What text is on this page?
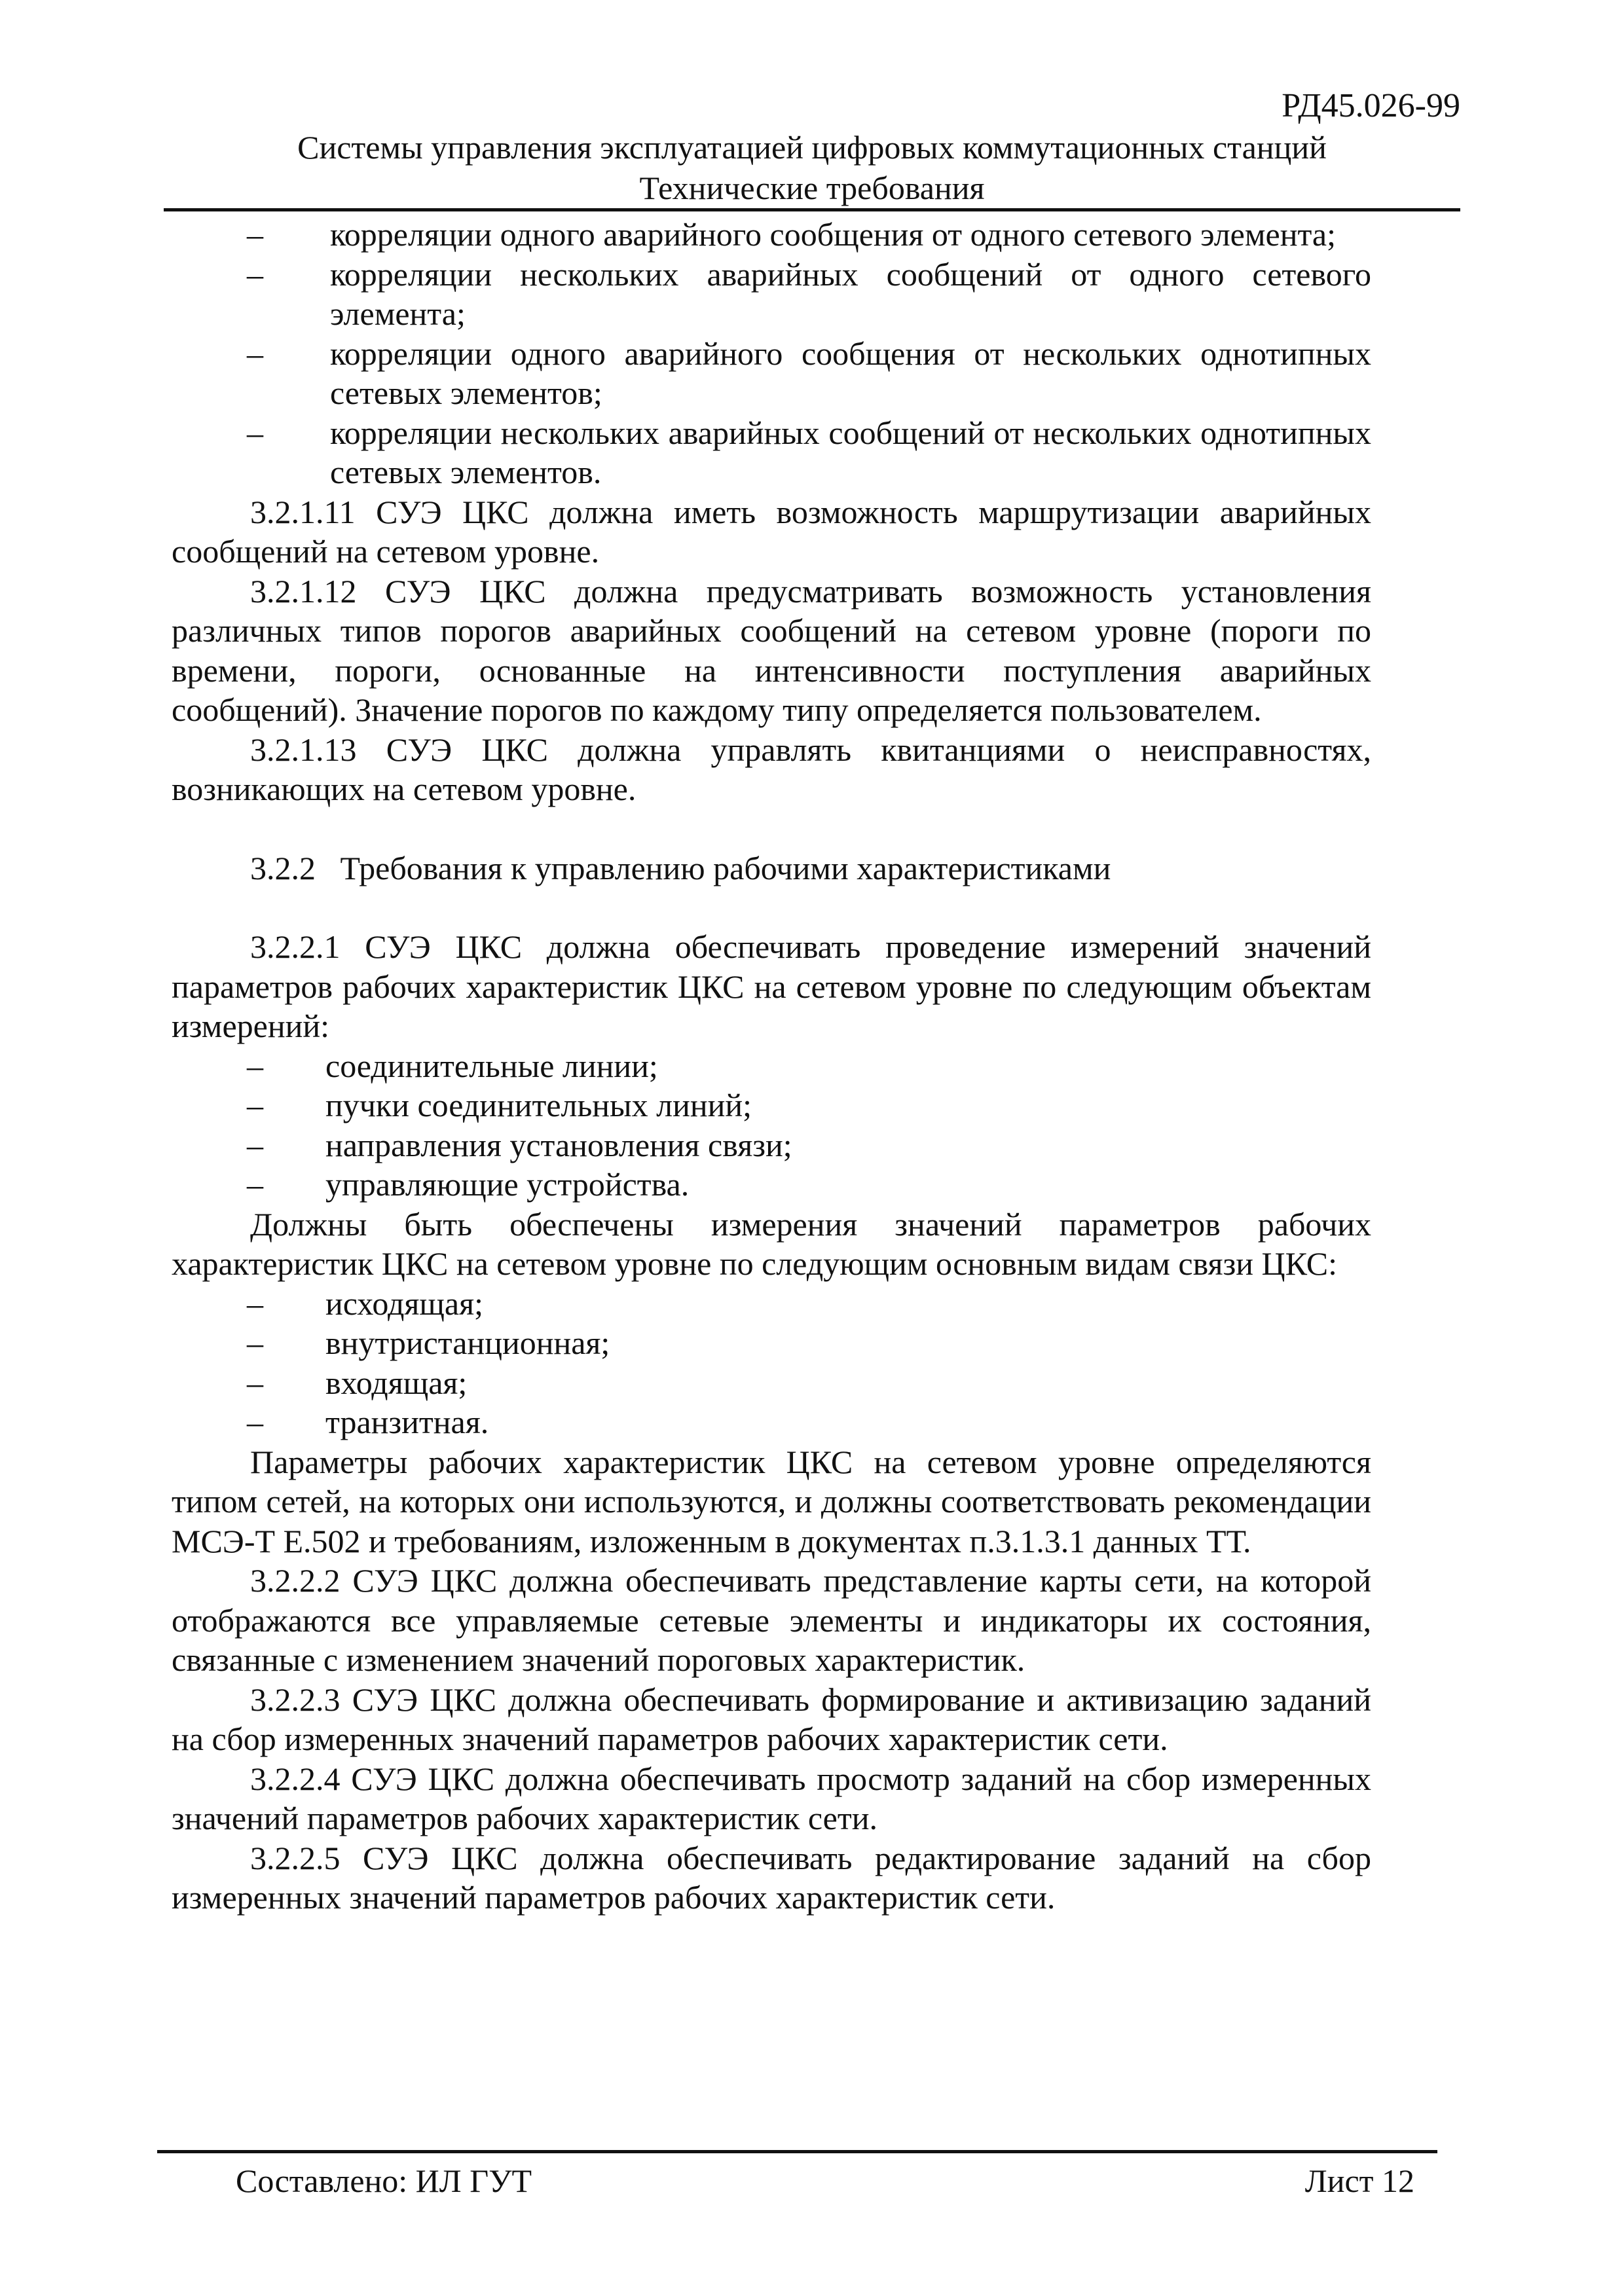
РД45.026-99
Системы управления эксплуатацией цифровых коммутационных станций
Технические требования

– корреляции одного аварийного сообщения от одного сетевого элемента;

– корреляции нескольких аварийных сообщений от одного сетевого элемента;

– корреляции одного аварийного сообщения от нескольких однотипных сетевых элементов;

– корреляции нескольких аварийных сообщений от нескольких однотипных сетевых элементов.

3.2.1.11 СУЭ ЦКС должна иметь возможность маршрутизации аварийных сообщений на сетевом уровне.

3.2.1.12 СУЭ ЦКС должна предусматривать возможность установления различных типов порогов аварийных сообщений на сетевом уровне (пороги по времени, пороги, основанные на интенсивности поступления аварийных сообщений). Значение порогов по каждому типу определяется пользователем.

3.2.1.13 СУЭ ЦКС должна управлять квитанциями о неисправностях, возникающих на сетевом уровне.

3.2.2   Требования к управлению рабочими характеристиками

3.2.2.1 СУЭ ЦКС должна обеспечивать проведение измерений значений параметров рабочих характеристик ЦКС на сетевом уровне по следующим объектам измерений:

– соединительные линии;

– пучки соединительных линий;

– направления установления связи;

– управляющие устройства.

Должны быть обеспечены измерения значений параметров рабочих характеристик ЦКС на сетевом уровне по следующим основным видам связи ЦКС:

– исходящая;

– внутристанционная;

– входящая;

– транзитная.

Параметры рабочих характеристик ЦКС на сетевом уровне определяются типом сетей, на которых они используются, и должны соответствовать рекомендации МСЭ-Т Е.502 и требованиям, изложенным в документах п.3.1.3.1 данных ТТ.

3.2.2.2 СУЭ ЦКС должна обеспечивать представление карты сети, на которой отображаются все управляемые сетевые элементы и индикаторы их состояния, связанные с изменением значений пороговых характеристик.

3.2.2.3 СУЭ ЦКС должна обеспечивать формирование и активизацию заданий на сбор измеренных значений параметров рабочих характеристик сети.

3.2.2.4 СУЭ ЦКС должна обеспечивать просмотр заданий на сбор измеренных значений параметров рабочих характеристик сети.

3.2.2.5 СУЭ ЦКС должна обеспечивать редактирование заданий на сбор измеренных значений параметров рабочих характеристик сети.

Составлено: ИЛ ГУТ	Лист 12
